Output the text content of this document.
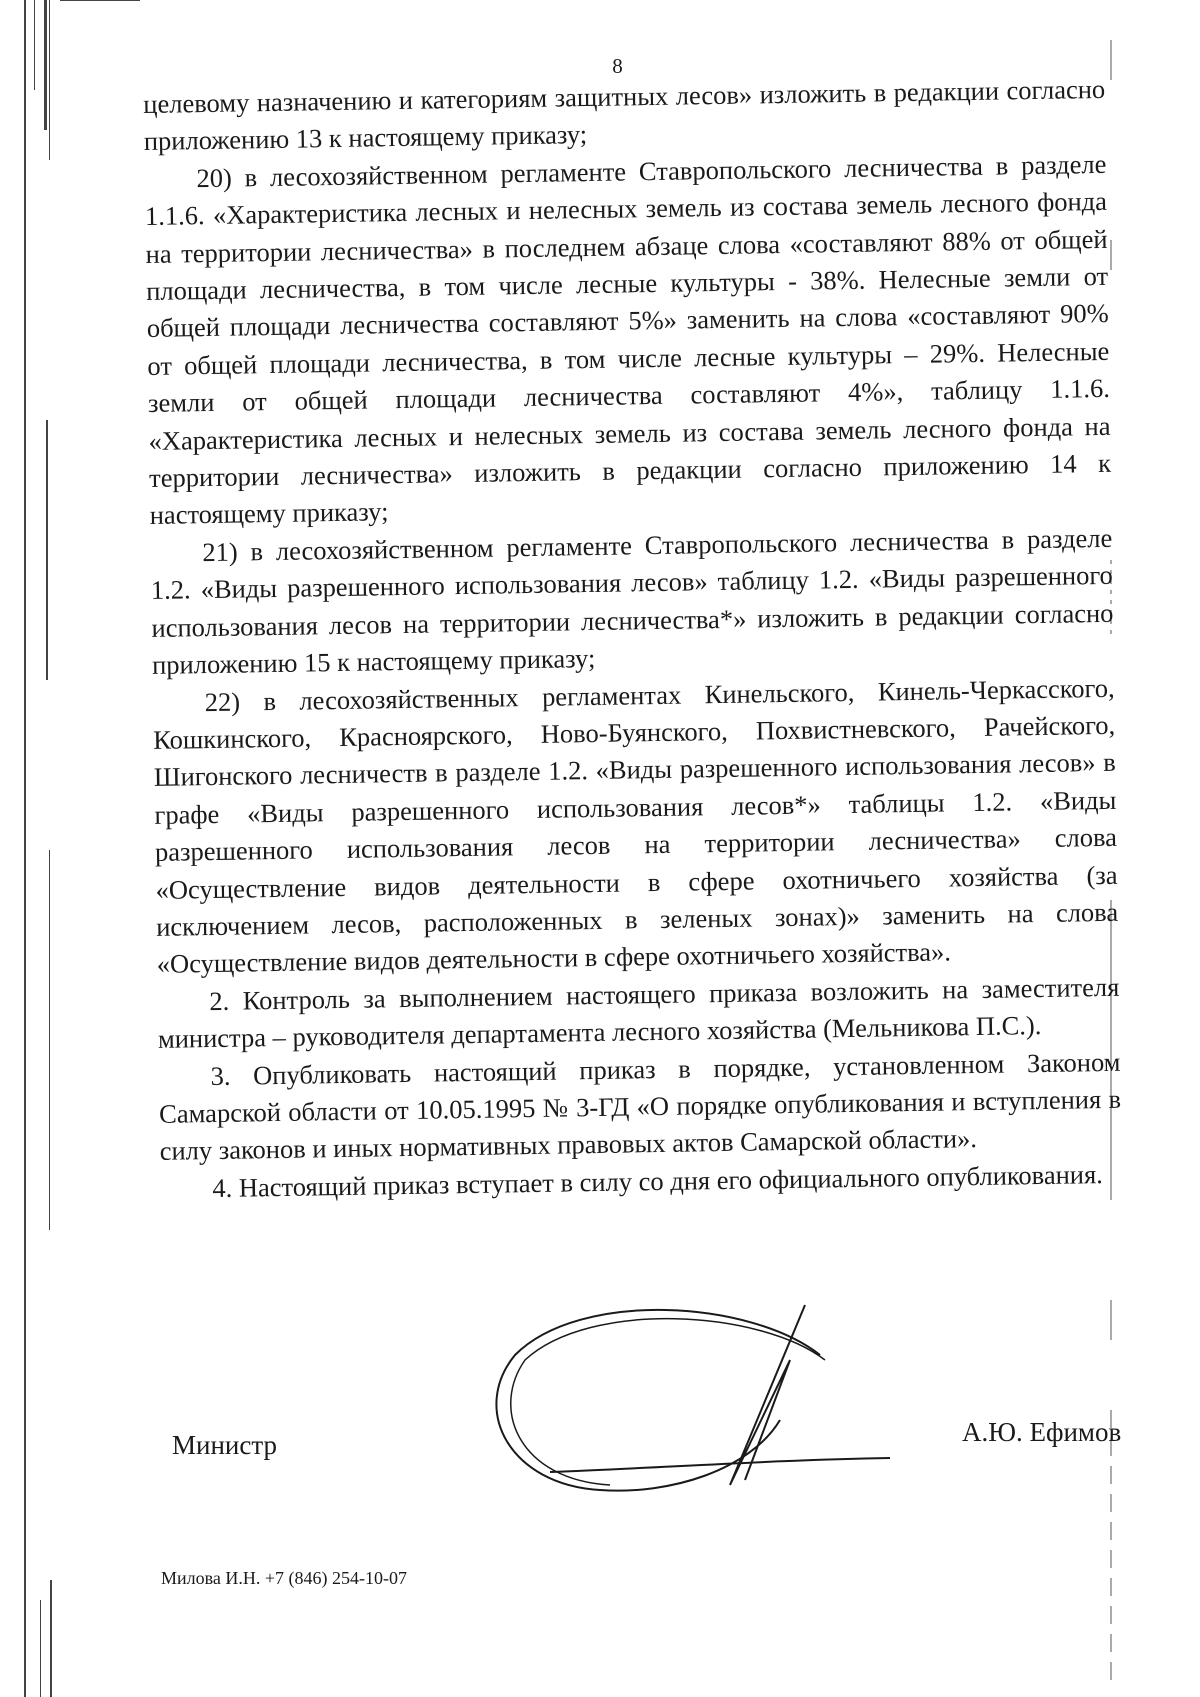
8

целевому назначению и категориям защитных лесов» изложить в редакции согласно приложению 13 к настоящему приказу;

20) в лесохозяйственном регламенте Ставропольского лесничества в разделе 1.1.6. «Характеристика лесных и нелесных земель из состава земель лесного фонда на территории лесничества» в последнем абзаце слова «составляют 88% от общей площади лесничества, в том числе лесные культуры - 38%. Нелесные земли от общей площади лесничества составляют 5%» заменить на слова «составляют 90% от общей площади лесничества, в том числе лесные культуры – 29%. Нелесные земли от общей площади лесничества составляют 4%», таблицу 1.1.6. «Характеристика лесных и нелесных земель из состава земель лесного фонда на территории лесничества» изложить в редакции согласно приложению 14 к настоящему приказу;

21) в лесохозяйственном регламенте Ставропольского лесничества в разделе 1.2. «Виды разрешенного использования лесов» таблицу 1.2. «Виды разрешенного использования лесов на территории лесничества*» изложить в редакции согласно приложению 15 к настоящему приказу;

22) в лесохозяйственных регламентах Кинельского, Кинель-Черкасского, Кошкинского, Красноярского, Ново-Буянского, Похвистневского, Рачейского, Шигонского лесничеств в разделе 1.2. «Виды разрешенного использования лесов» в графе «Виды разрешенного использования лесов*» таблицы 1.2. «Виды разрешенного использования лесов на территории лесничества» слова «Осуществление видов деятельности в сфере охотничьего хозяйства (за исключением лесов, расположенных в зеленых зонах)» заменить на слова «Осуществление видов деятельности в сфере охотничьего хозяйства».

2. Контроль за выполнением настоящего приказа возложить на заместителя министра – руководителя департамента лесного хозяйства (Мельникова П.С.).

3. Опубликовать настоящий приказ в порядке, установленном Законом Самарской области от 10.05.1995 № 3-ГД «О порядке опубликования и вступления в силу законов и иных нормативных правовых актов Самарской области».

4. Настоящий приказ вступает в силу со дня его официального опубликования.

Министр	А.Ю. Ефимов
Милова И.Н. +7 (846) 254-10-07
